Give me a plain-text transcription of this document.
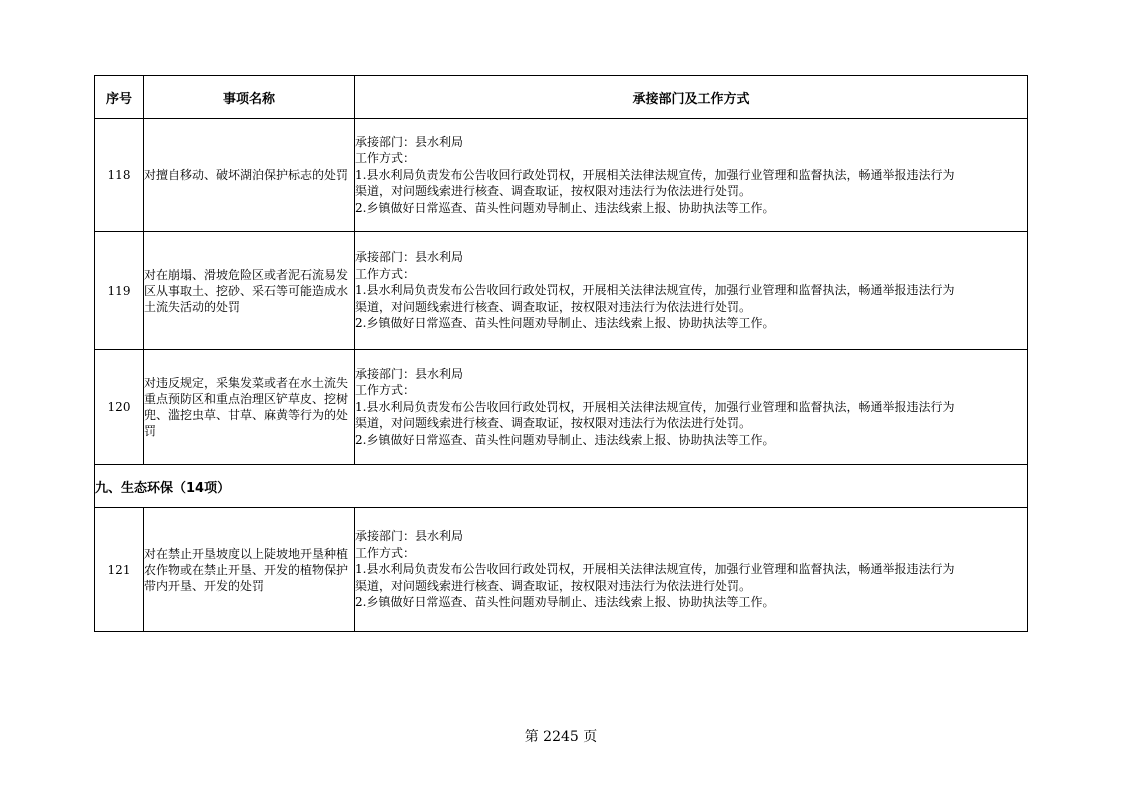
序号	事项名称	承接部门及工作方式
118	对擅自移动、破坏湖泊保护标志的处罚	承接部门：县水利局
工作方式：
1.县水利局负责发布公告收回行政处罚权，开展相关法律法规宣传，加强行业管理和监督执法，畅通举报违法行为
渠道，对问题线索进行核查、调查取证，按权限对违法行为依法进行处罚。
2.乡镇做好日常巡查、苗头性问题劝导制止、违法线索上报、协助执法等工作。

119	对在崩塌、滑坡危险区或者泥石流易发区从事取土、挖砂、采石等可能造成水土流失活动的处罚	承接部门：县水利局
工作方式：
1.县水利局负责发布公告收回行政处罚权，开展相关法律法规宣传，加强行业管理和监督执法，畅通举报违法行为
渠道，对问题线索进行核查、调查取证，按权限对违法行为依法进行处罚。
2.乡镇做好日常巡查、苗头性问题劝导制止、违法线索上报、协助执法等工作。

120	对违反规定，采集发菜或者在水土流失重点预防区和重点治理区铲草皮、挖树兜、滥挖虫草、甘草、麻黄等行为的处罚	承接部门：县水利局
工作方式：
1.县水利局负责发布公告收回行政处罚权，开展相关法律法规宣传，加强行业管理和监督执法，畅通举报违法行为
渠道，对问题线索进行核查、调查取证，按权限对违法行为依法进行处罚。
2.乡镇做好日常巡查、苗头性问题劝导制止、违法线索上报、协助执法等工作。

九、生态环保（14项）		
121	对在禁止开垦坡度以上陡坡地开垦种植农作物或在禁止开垦、开发的植物保护带内开垦、开发的处罚	承接部门：县水利局
工作方式：
1.县水利局负责发布公告收回行政处罚权，开展相关法律法规宣传，加强行业管理和监督执法，畅通举报违法行为
渠道，对问题线索进行核查、调查取证，按权限对违法行为依法进行处罚。
2.乡镇做好日常巡查、苗头性问题劝导制止、违法线索上报、协助执法等工作。
第 2245 页
